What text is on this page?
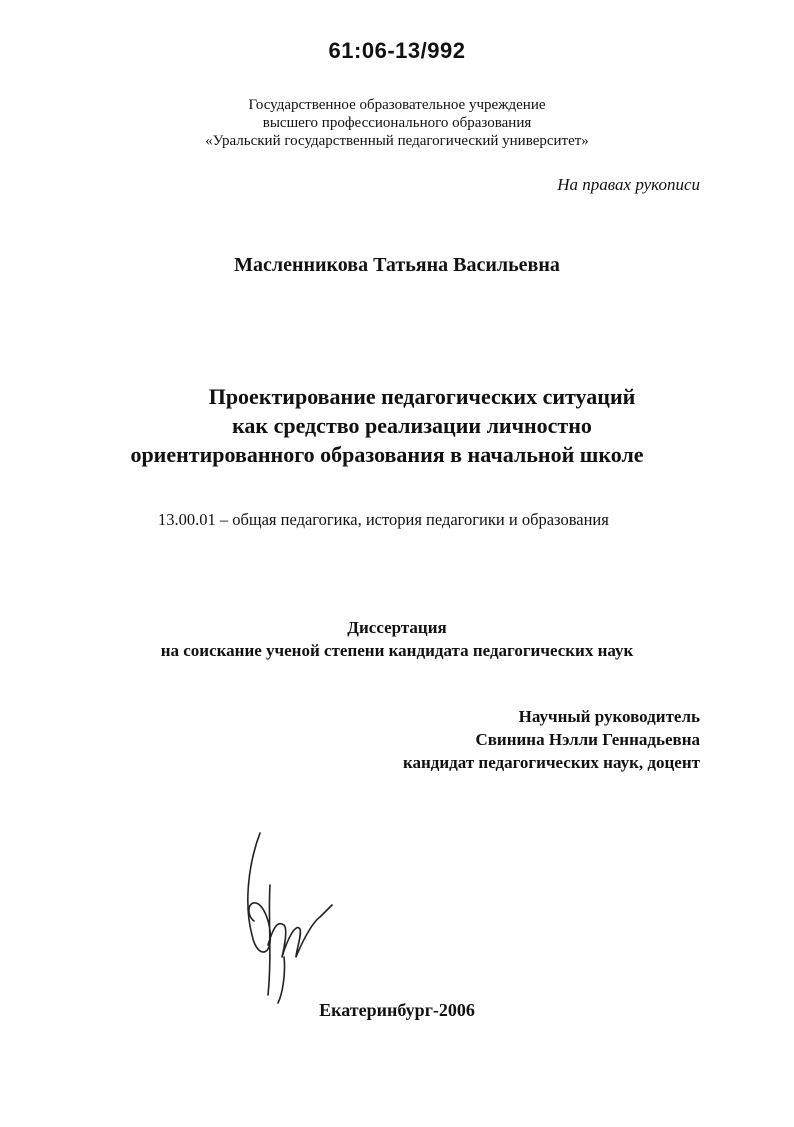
61:06-13/992
Государственное образовательное учреждение
высшего профессионального образования
«Уральский государственный педагогический университет»
На правах рукописи
Масленникова Татьяна Васильевна
Проектирование педагогических ситуаций
как средство реализации личностно
ориентированного образования в начальной школе
13.00.01 – общая педагогика, история педагогики и образования
Диссертация
на соискание ученой степени кандидата педагогических наук
Научный руководитель
Свинина Нэлли Геннадьевна
кандидат педагогических наук, доцент
Екатеринбург-2006
